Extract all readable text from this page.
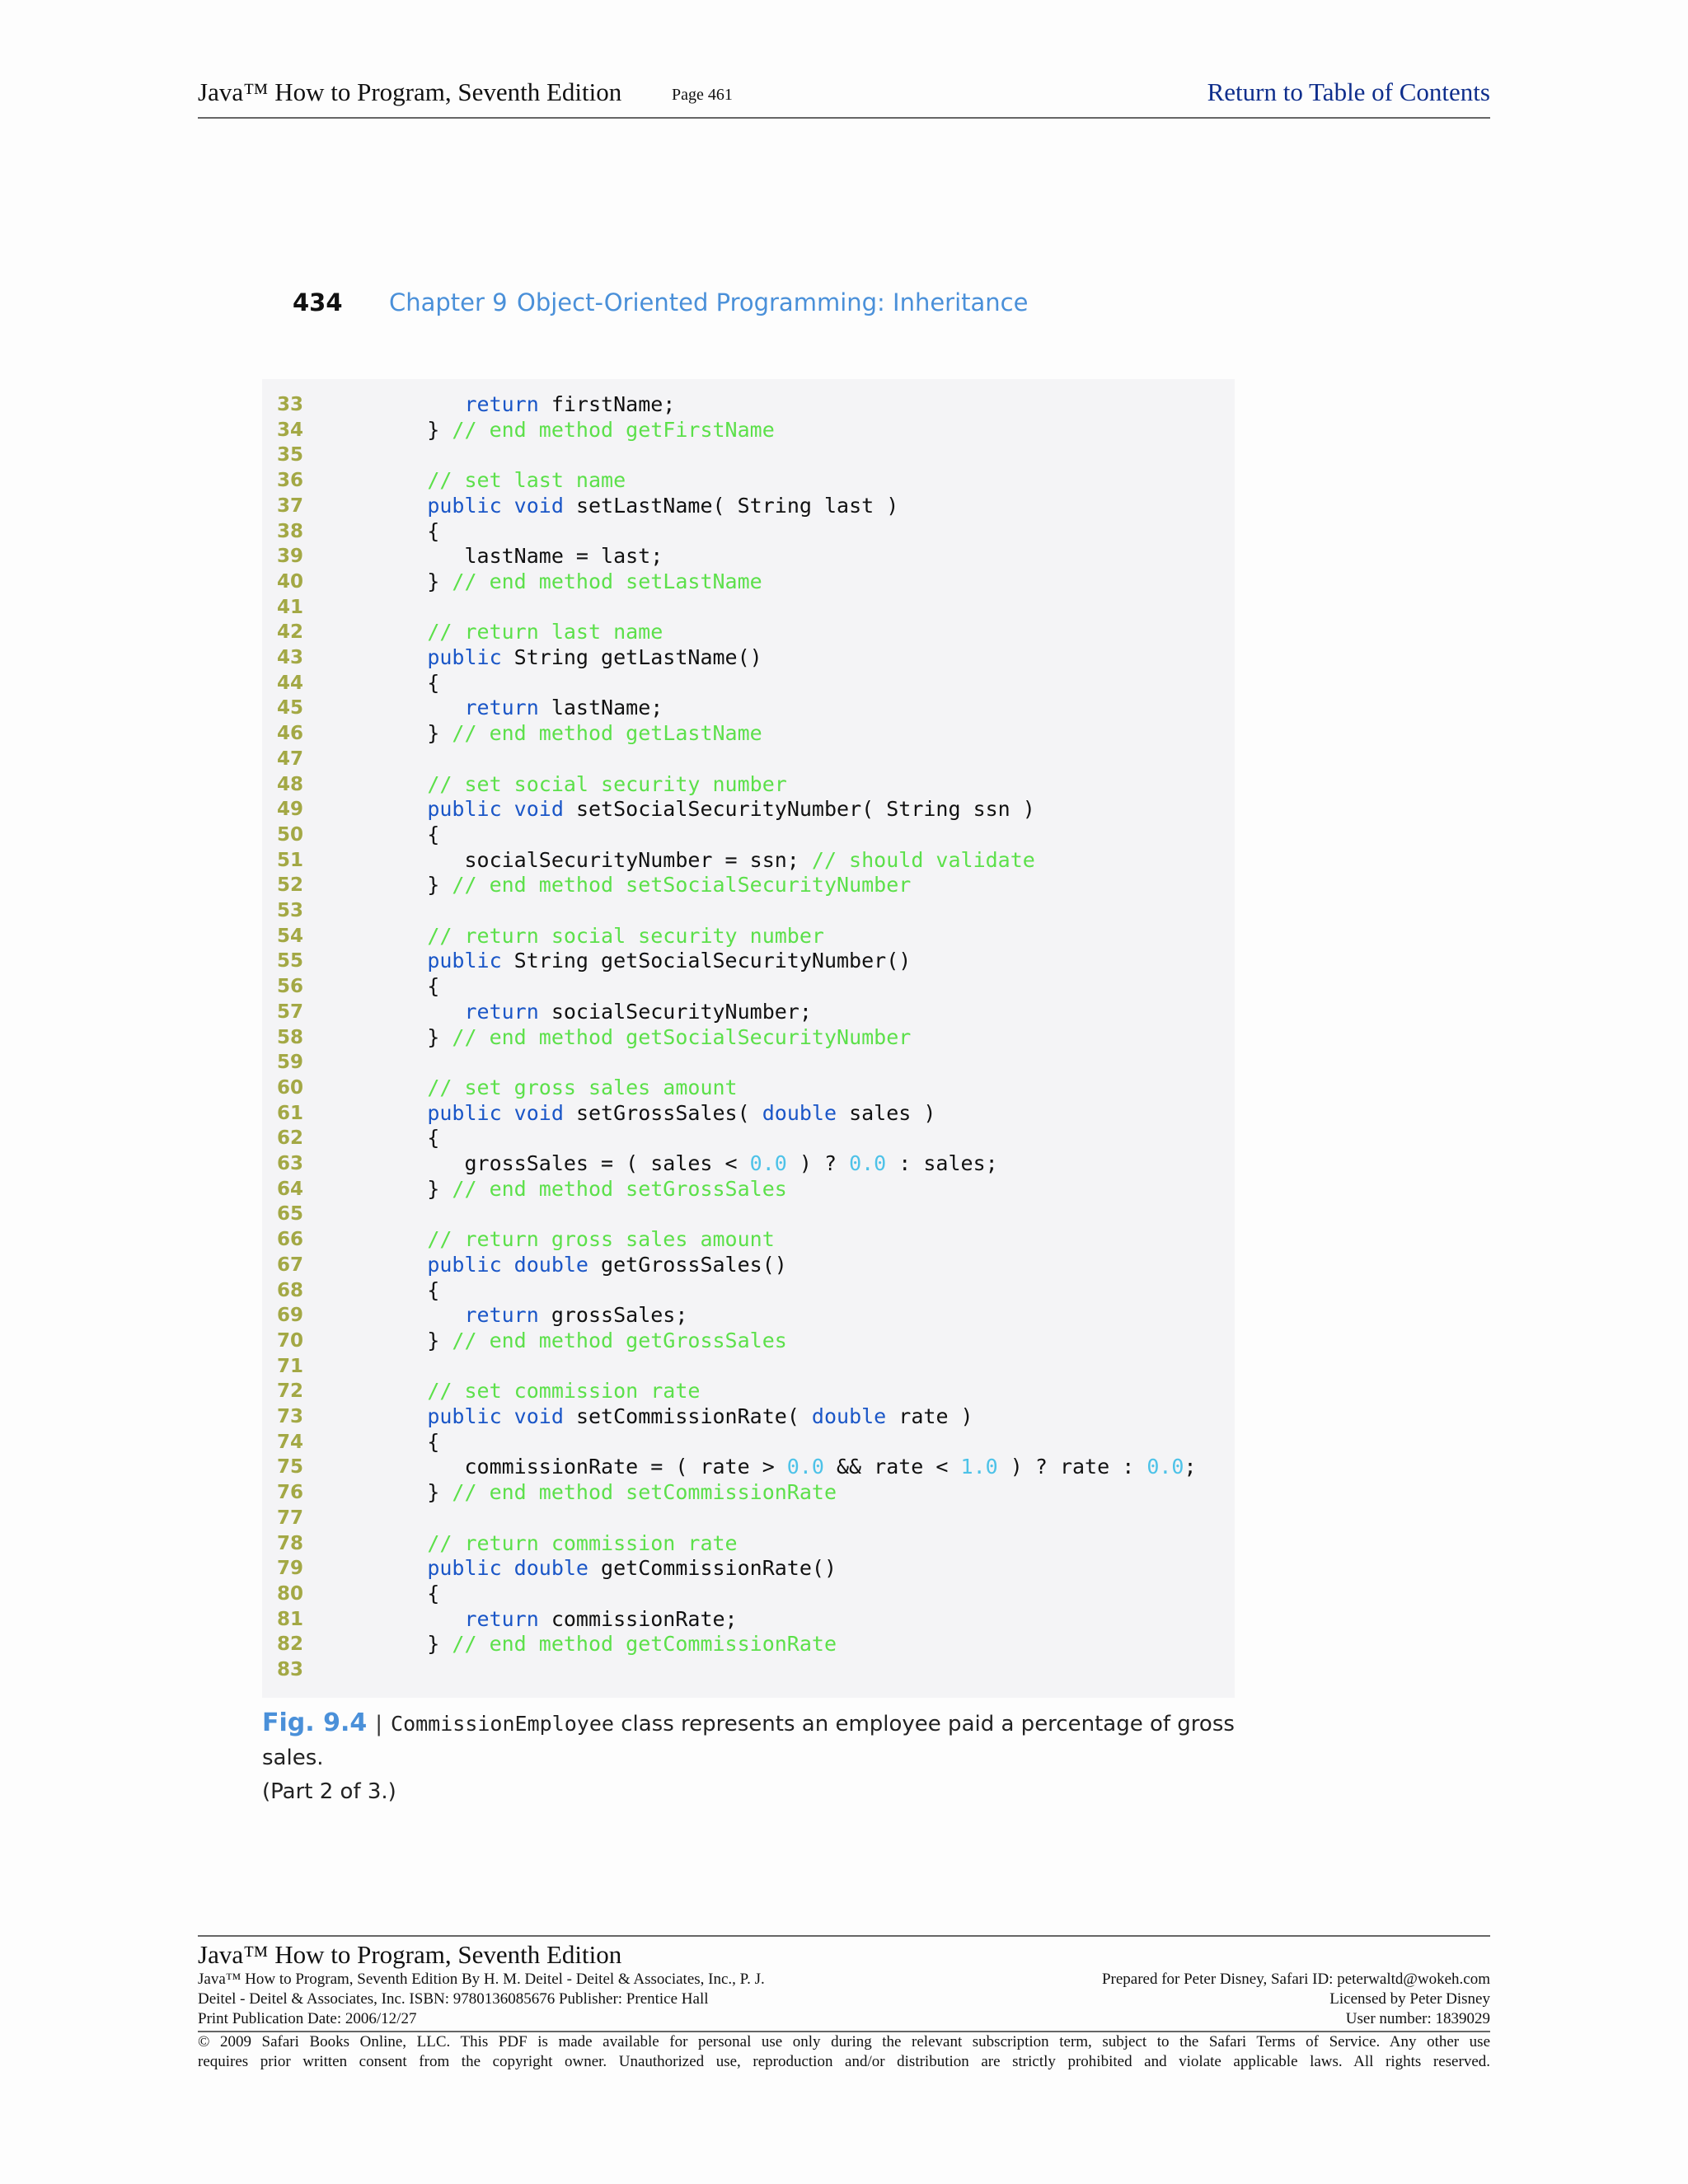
Java™ How to Program, Seventh Edition	Page 461	Return to Table of Contents
434 Chapter 9 Object-Oriented Programming: Inheritance
33	return firstName;
34	} // end method getFirstName
35
36	// set last name
37	public void setLastName( String last )
38	{
39	lastName = last;
40	} // end method setLastName
41
42	// return last name
43	public String getLastName()
44	{
45	return lastName;
46	} // end method getLastName
47
48	// set social security number
49	public void setSocialSecurityNumber( String ssn )
50	{
51	socialSecurityNumber = ssn; // should validate
52	} // end method setSocialSecurityNumber
53
54	// return social security number
55	public String getSocialSecurityNumber()
56	{
57	return socialSecurityNumber;
58	} // end method getSocialSecurityNumber
59
60	// set gross sales amount
61	public void setGrossSales( double sales )
62	{
63	grossSales = ( sales < 0.0 ) ? 0.0 : sales;
64	} // end method setGrossSales
65
66	// return gross sales amount
67	public double getGrossSales()
68	{
69	return grossSales;
70	} // end method getGrossSales
71
72	// set commission rate
73	public void setCommissionRate( double rate )
74	{
75	commissionRate = ( rate > 0.0 && rate < 1.0 ) ? rate : 0.0;
76	} // end method setCommissionRate
77
78	// return commission rate
79	public double getCommissionRate()
80	{
81	return commissionRate;
82	} // end method getCommissionRate
83
Fig. 9.4 | CommissionEmployee class represents an employee paid a percentage of gross sales.
(Part 2 of 3.)
Java™ How to Program, Seventh Edition
Java™ How to Program, Seventh Edition By H. M. Deitel - Deitel & Associates, Inc., P. J.	Prepared for Peter Disney, Safari ID: peterwaltd@wokeh.com
Deitel - Deitel & Associates, Inc. ISBN: 9780136085676 Publisher: Prentice Hall	Licensed by Peter Disney
Print Publication Date: 2006/12/27	User number: 1839029
© 2009 Safari Books Online, LLC. This PDF is made available for personal use only during the relevant subscription term, subject to the Safari Terms of Service. Any other use
requires prior written consent from the copyright owner. Unauthorized use, reproduction and/or distribution are strictly prohibited and violate applicable laws. All rights reserved.
